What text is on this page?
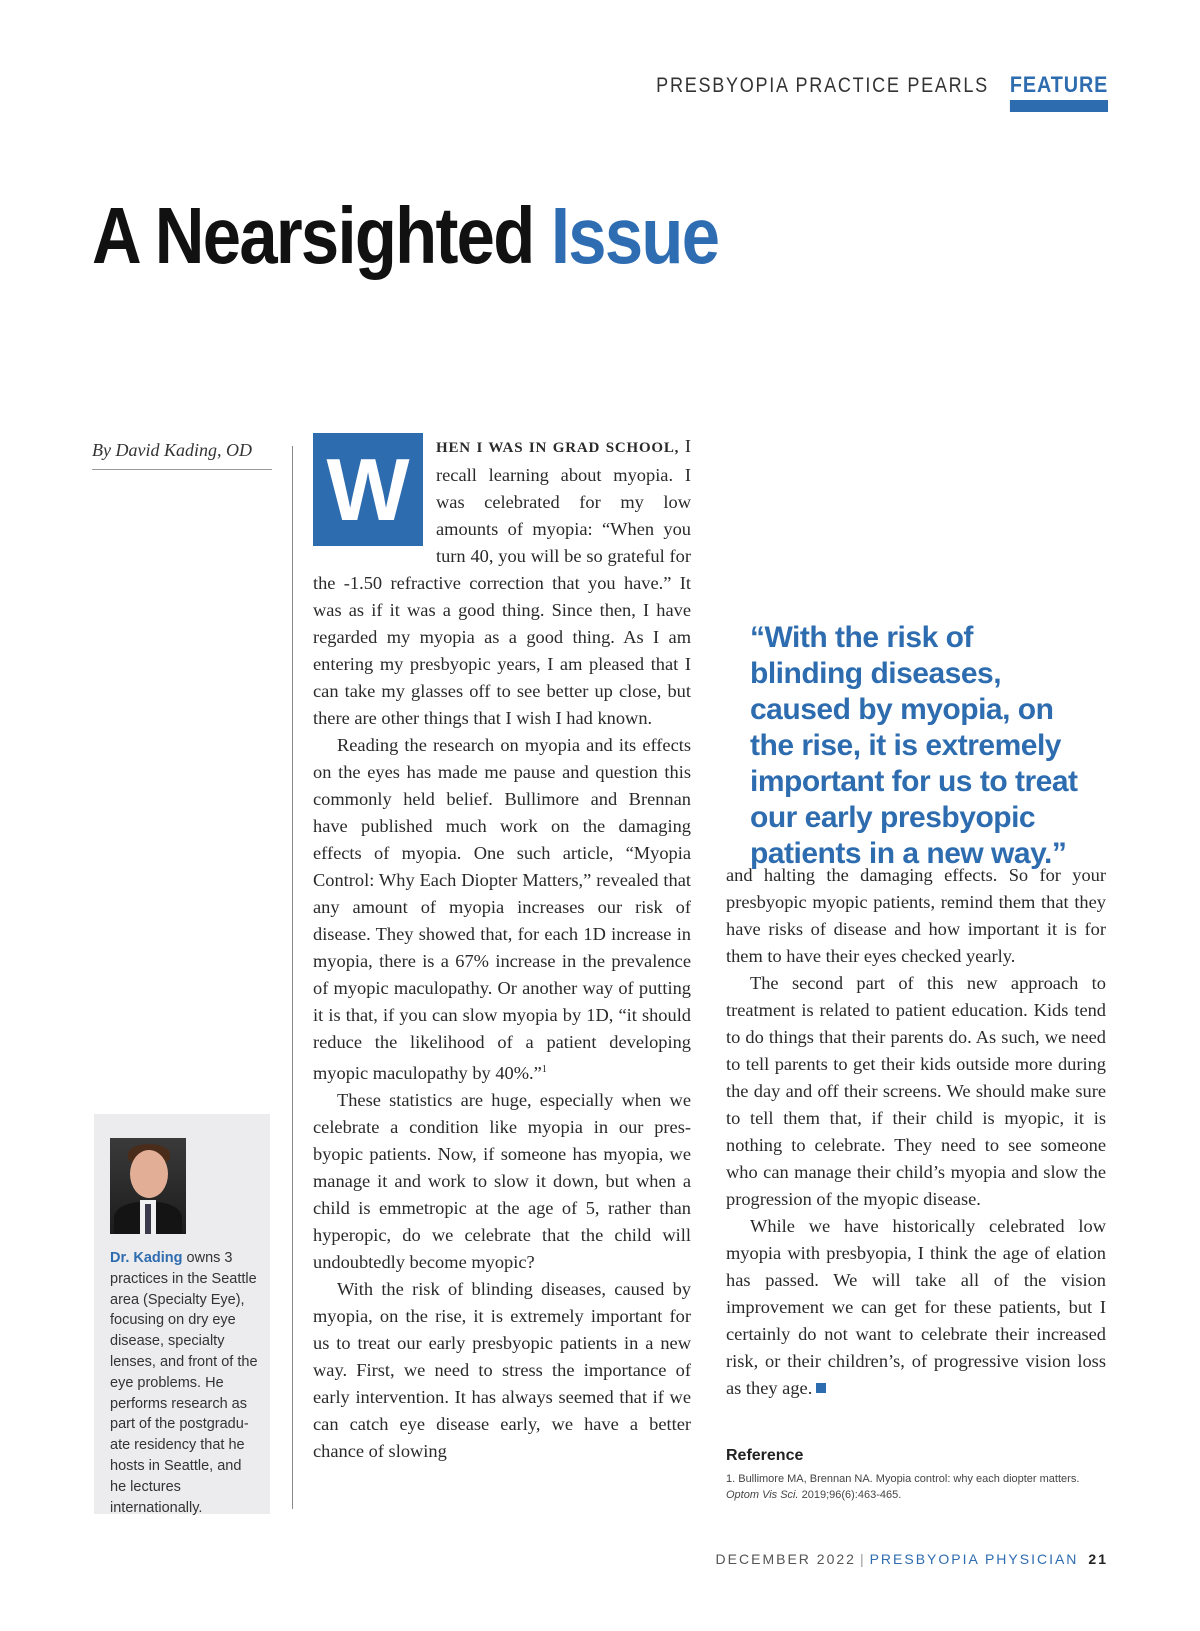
PRESBYOPIA PRACTICE PEARLS FEATURE
A Nearsighted Issue
By David Kading, OD
Dr. Kading owns 3 practices in the Seattle area (Specialty Eye), focusing on dry eye disease, specialty lenses, and front of the eye problems. He performs research as part of the postgradu-ate residency that he hosts in Seattle, and he lectures internationally.

W	HEN I WAS IN GRAD SCHOOL, I recall learning about myopia. I was celebrated for my low amounts of myopia: “When you turn 40, you will be so grateful for the -1.50 refractive correction that you have.” It was as if it was a good thing. Since then, I have regarded my myopia as a good thing. As I am entering my presbyopic years, I am pleased that I can take my glasses off to see better up close, but there are other things that I wish I had known.

Reading the research on myopia and its effects on the eyes has made me pause and question this commonly held belief. Bullimore and Brennan have published much work on the damaging effects of myopia. One such article, “Myopia Control: Why Each Diopter Matters,” revealed that any amount of myopia increases our risk of disease. They showed that, for each 1D increase in myopia, there is a 67% increase in the prevalence of myopic maculopathy. Or another way of putting it is that, if you can slow myopia by 1D, “it should reduce the likelihood of a patient developing myopic maculopathy by 40%.”$^1$

These statistics are huge, especially when we celebrate a condition like myopia in our presbyopic patients. Now, if someone has myopia, we manage it and work to slow it down, but when a child is emmetropic at the age of 5, rather than hyperopic, do we celebrate that the child will undoubtedly become myopic?

With the risk of blinding diseases, caused by myopia, on the rise, it is extremely important for us to treat our early presbyopic patients in a new way. First, we need to stress the importance of early intervention. It has always seemed that if we can catch eye disease early, we have a better chance of slowing

“With the risk of blinding diseases, caused by myopia, on the rise, it is extremely important for us to treat our early presbyopic patients in a new way.”

and halting the damaging effects. So for your presbyopic myopic patients, remind them that they have risks of disease and how important it is for them to have their eyes checked yearly.

The second part of this new approach to treatment is related to patient education. Kids tend to do things that their parents do. As such, we need to tell parents to get their kids outside more during the day and off their screens. We should make sure to tell them that, if their child is myopic, it is nothing to celebrate. They need to see someone who can manage their child’s myopia and slow the progression of the myopic disease.

While we have historically celebrated low myopia with presbyopia, I think the age of elation has passed. We will take all of the vision improvement we can get for these patients, but I certainly do not want to celebrate their increased risk, or their children’s, of progressive vision loss as they age.

Reference
1. Bullimore MA, Brennan NA. Myopia control: why each diopter matters.
Optom Vis Sci. 2019;96(6):463-465.
DECEMBER 2022 | PRESBYOPIA PHYSICIAN 21
